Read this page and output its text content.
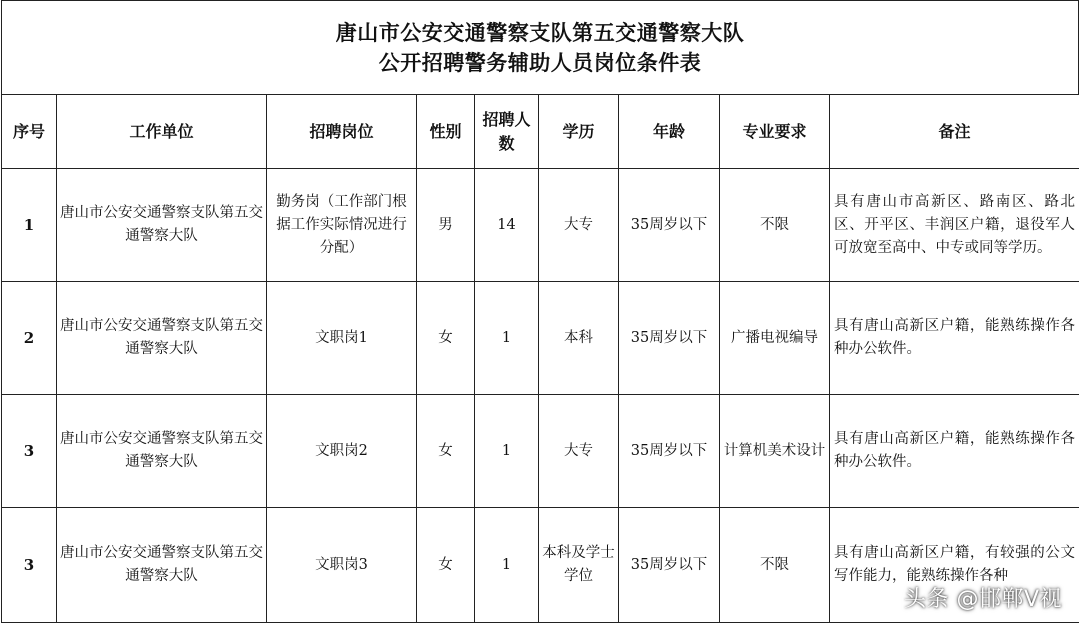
唐山市公安交通警察支队第五交通警察大队
公开招聘警务辅助人员岗位条件表
序号	工作单位	招聘岗位	性别	招聘人数	学历	年龄	专业要求	备注
1	唐山市公安交通警察支队第五交通警察大队	勤务岗（工作部门根据工作实际情况进行分配）	男	14	大专	35周岁以下	不限	具有唐山市高新区、路南区、路北区、开平区、丰润区户籍，退役军人可放宽至高中、中专或同等学历。
2	唐山市公安交通警察支队第五交通警察大队	文职岗1	女	1	本科	35周岁以下	广播电视编导	具有唐山高新区户籍，能熟练操作各种办公软件。
3	唐山市公安交通警察支队第五交通警察大队	文职岗2	女	1	大专	35周岁以下	计算机美术设计	具有唐山高新区户籍，能熟练操作各种办公软件。
3	唐山市公安交通警察支队第五交通警察大队	文职岗3	女	1	本科及学士学位	35周岁以下	不限	具有唐山高新区户籍，有较强的公文写作能力，能熟练操作各种
头条 @邯郸V视
